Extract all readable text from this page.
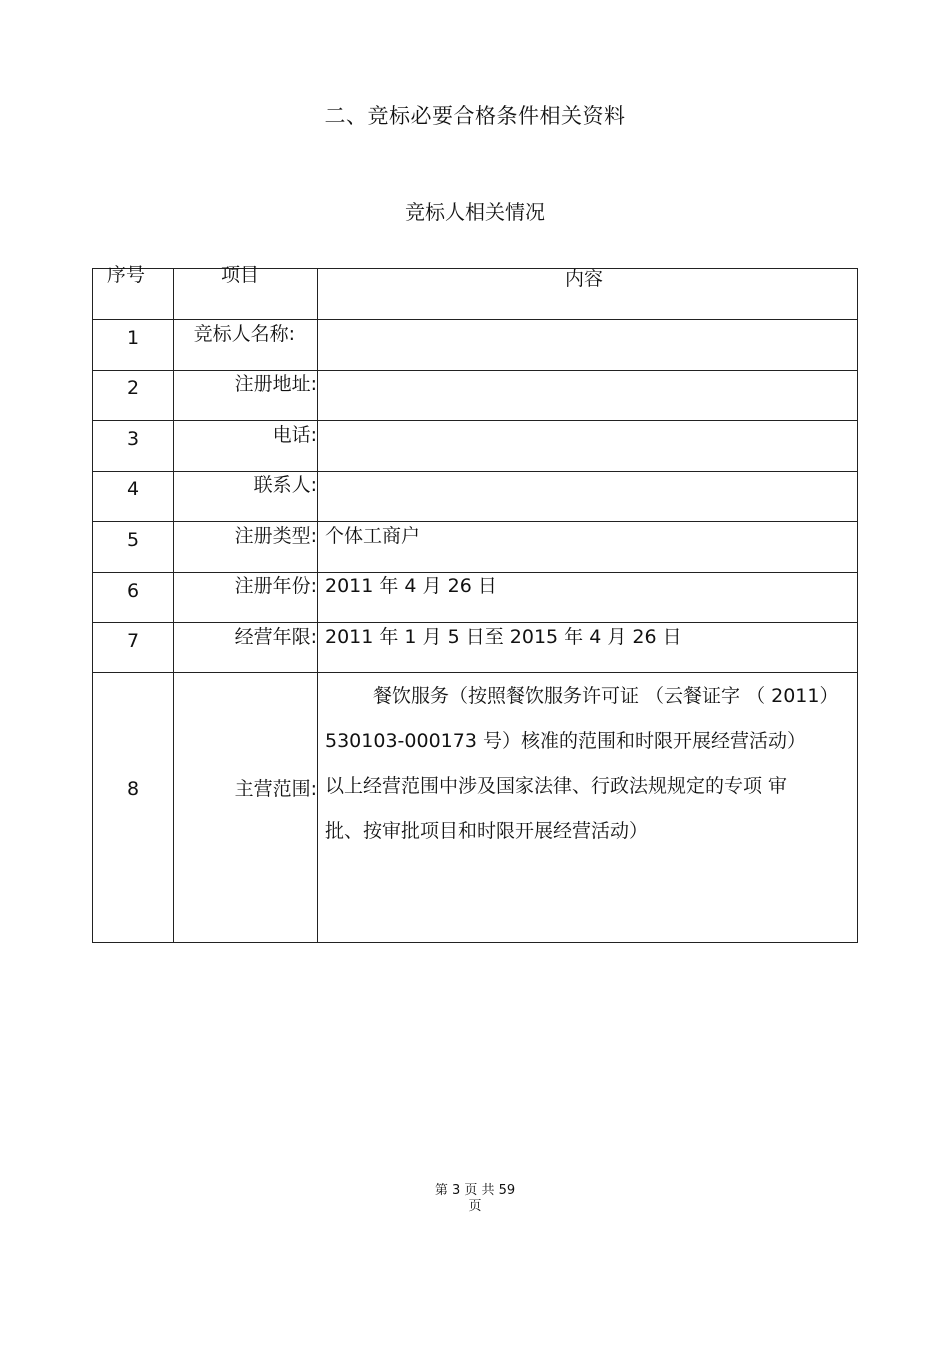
二、竞标必要合格条件相关资料
竞标人相关情况
序号	项目	内容
1	竞标人名称:
2	注册地址:
3	电话:
4	联系人:
5	注册类型: 个体工商户
6	注册年份: 2011 年 4 月 26 日
7	经营年限: 2011 年 1 月 5 日至 2015 年 4 月 26 日
8	主营范围:
餐饮服务（按照餐饮服务许可证 （云餐证字 （ 2011）
530103-000173 号）核准的范围和时限开展经营活动）
以上经营范围中涉及国家法律、行政法规规定的专项 审
批、按审批项目和时限开展经营活动）
第 3 页 共 59
页
